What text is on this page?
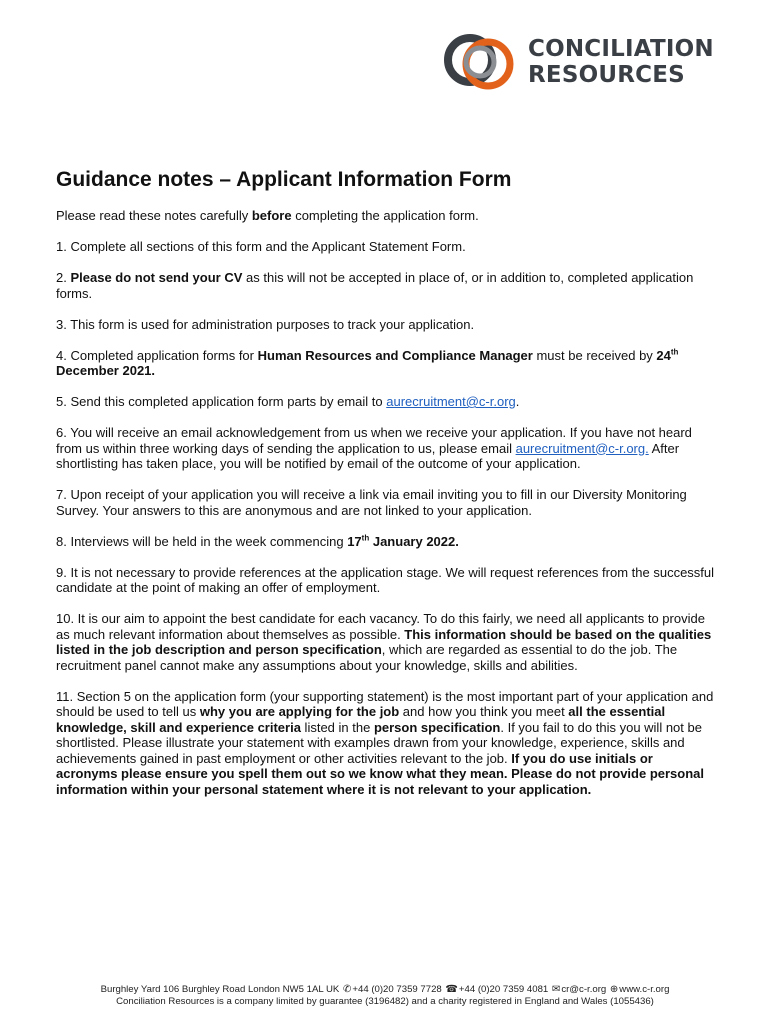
CONCILIATION
RESOURCES
Guidance notes – Applicant Information Form

Please read these notes carefully before completing the application form.

1. Complete all sections of this form and the Applicant Statement Form.

2. Please do not send your CV as this will not be accepted in place of, or in addition to, completed application forms.

3. This form is used for administration purposes to track your application.

4. Completed application forms for Human Resources and Compliance Manager must be received by 24th December 2021.

5. Send this completed application form parts by email to aurecruitment@c-r.org.

6. You will receive an email acknowledgement from us when we receive your application. If you have not heard from us within three working days of sending the application to us, please email aurecruitment@c-r.org. After shortlisting has taken place, you will be notified by email of the outcome of your application.

7. Upon receipt of your application you will receive a link via email inviting you to fill in our Diversity Monitoring Survey. Your answers to this are anonymous and are not linked to your application.

8. Interviews will be held in the week commencing 17th January 2022.

9. It is not necessary to provide references at the application stage. We will request references from the successful candidate at the point of making an offer of employment.

10. It is our aim to appoint the best candidate for each vacancy. To do this fairly, we need all applicants to provide as much relevant information about themselves as possible. This information should be based on the qualities listed in the job description and person specification, which are regarded as essential to do the job. The recruitment panel cannot make any assumptions about your knowledge, skills and abilities.

11. Section 5 on the application form (your supporting statement) is the most important part of your application and should be used to tell us why you are applying for the job and how you think you meet all the essential knowledge, skill and experience criteria listed in the person specification. If you fail to do this you will not be shortlisted. Please illustrate your statement with examples drawn from your knowledge, experience, skills and achievements gained in past employment or other activities relevant to the job. If you do use initials or acronyms please ensure you spell them out so we know what they mean. Please do not provide personal information within your personal statement where it is not relevant to your application.

Burghley Yard 106 Burghley Road London NW5 1AL UK ✆+44 (0)20 7359 7728 ☎+44 (0)20 7359 4081 ✉cr@c-r.org ⊕www.c-r.org
Conciliation Resources is a company limited by guarantee (3196482) and a charity registered in England and Wales (1055436)
